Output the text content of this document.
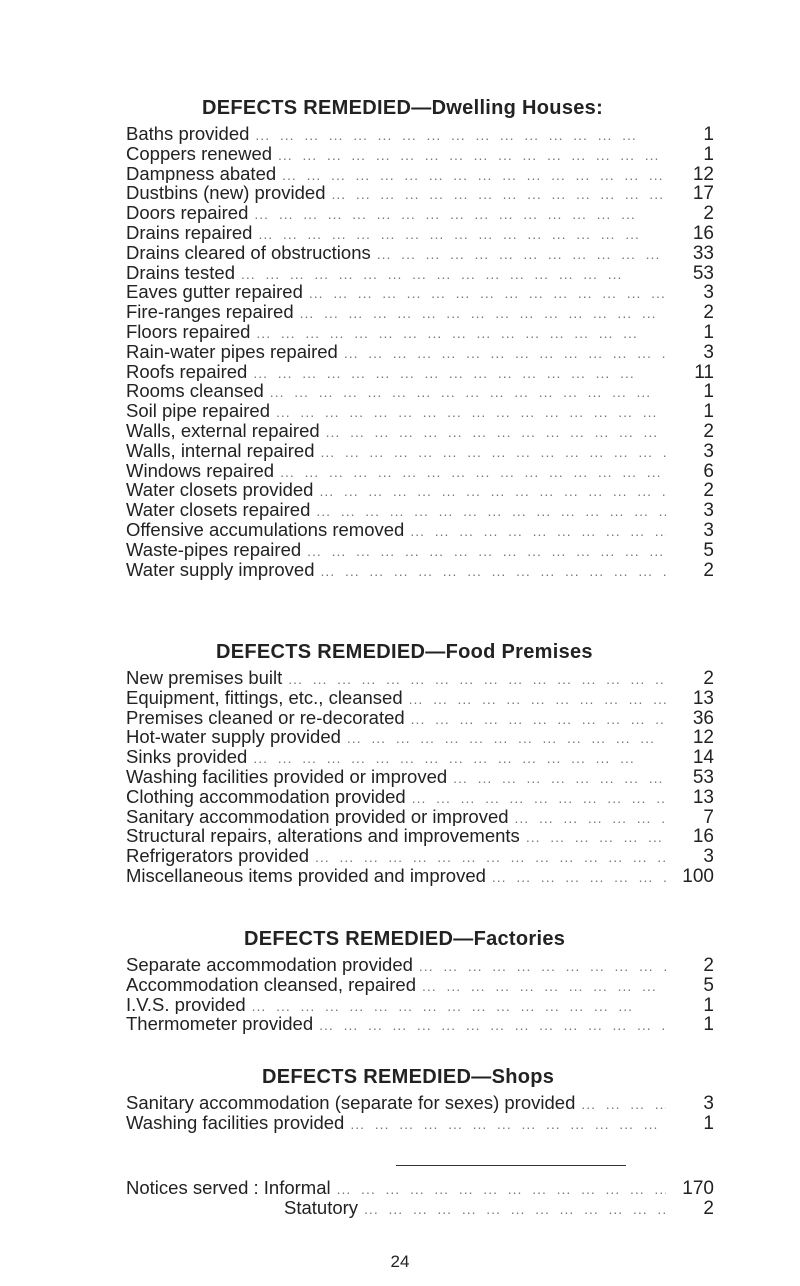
DEFECTS REMEDIED—Dwelling Houses:
Baths provided ...	1
Coppers renewed ...	1
Dampness abated ...	12
Dustbins (new) provided ...	17
Doors repaired ...	2
Drains repaired ...	16
Drains cleared of obstructions ...	33
Drains tested ...	53
Eaves gutter repaired ...	3
Fire-ranges repaired ...	2
Floors repaired ...	1
Rain-water pipes repaired ...	3
Roofs repaired ...	11
Rooms cleansed ...	1
Soil pipe repaired ...	1
Walls, external repaired ...	2
Walls, internal repaired ...	3
Windows repaired ...	6
Water closets provided ...	2
Water closets repaired ...	3
Offensive accumulations removed ...	3
Waste-pipes repaired ...	5
Water supply improved ...	2
DEFECTS REMEDIED—Food Premises
New premises built ...	2
Equipment, fittings, etc., cleansed ...	13
Premises cleaned or re-decorated ...	36
Hot-water supply provided ...	12
Sinks provided ...	14
Washing facilities provided or improved ...	53
Clothing accommodation provided ...	13
Sanitary accommodation provided or improved ...	7
Structural repairs, alterations and improvements ...	16
Refrigerators provided ...	3
Miscellaneous items provided and improved ...	100
DEFECTS REMEDIED—Factories
Separate accommodation provided ...	2
Accommodation cleansed, repaired ...	5
I.V.S. provided ...	1
Thermometer provided ...	1
DEFECTS REMEDIED—Shops
Sanitary accommodation (separate for sexes) provided ...	3
Washing facilities provided ...	1
Notices served : Informal ...	170
Statutory ...	2
24
